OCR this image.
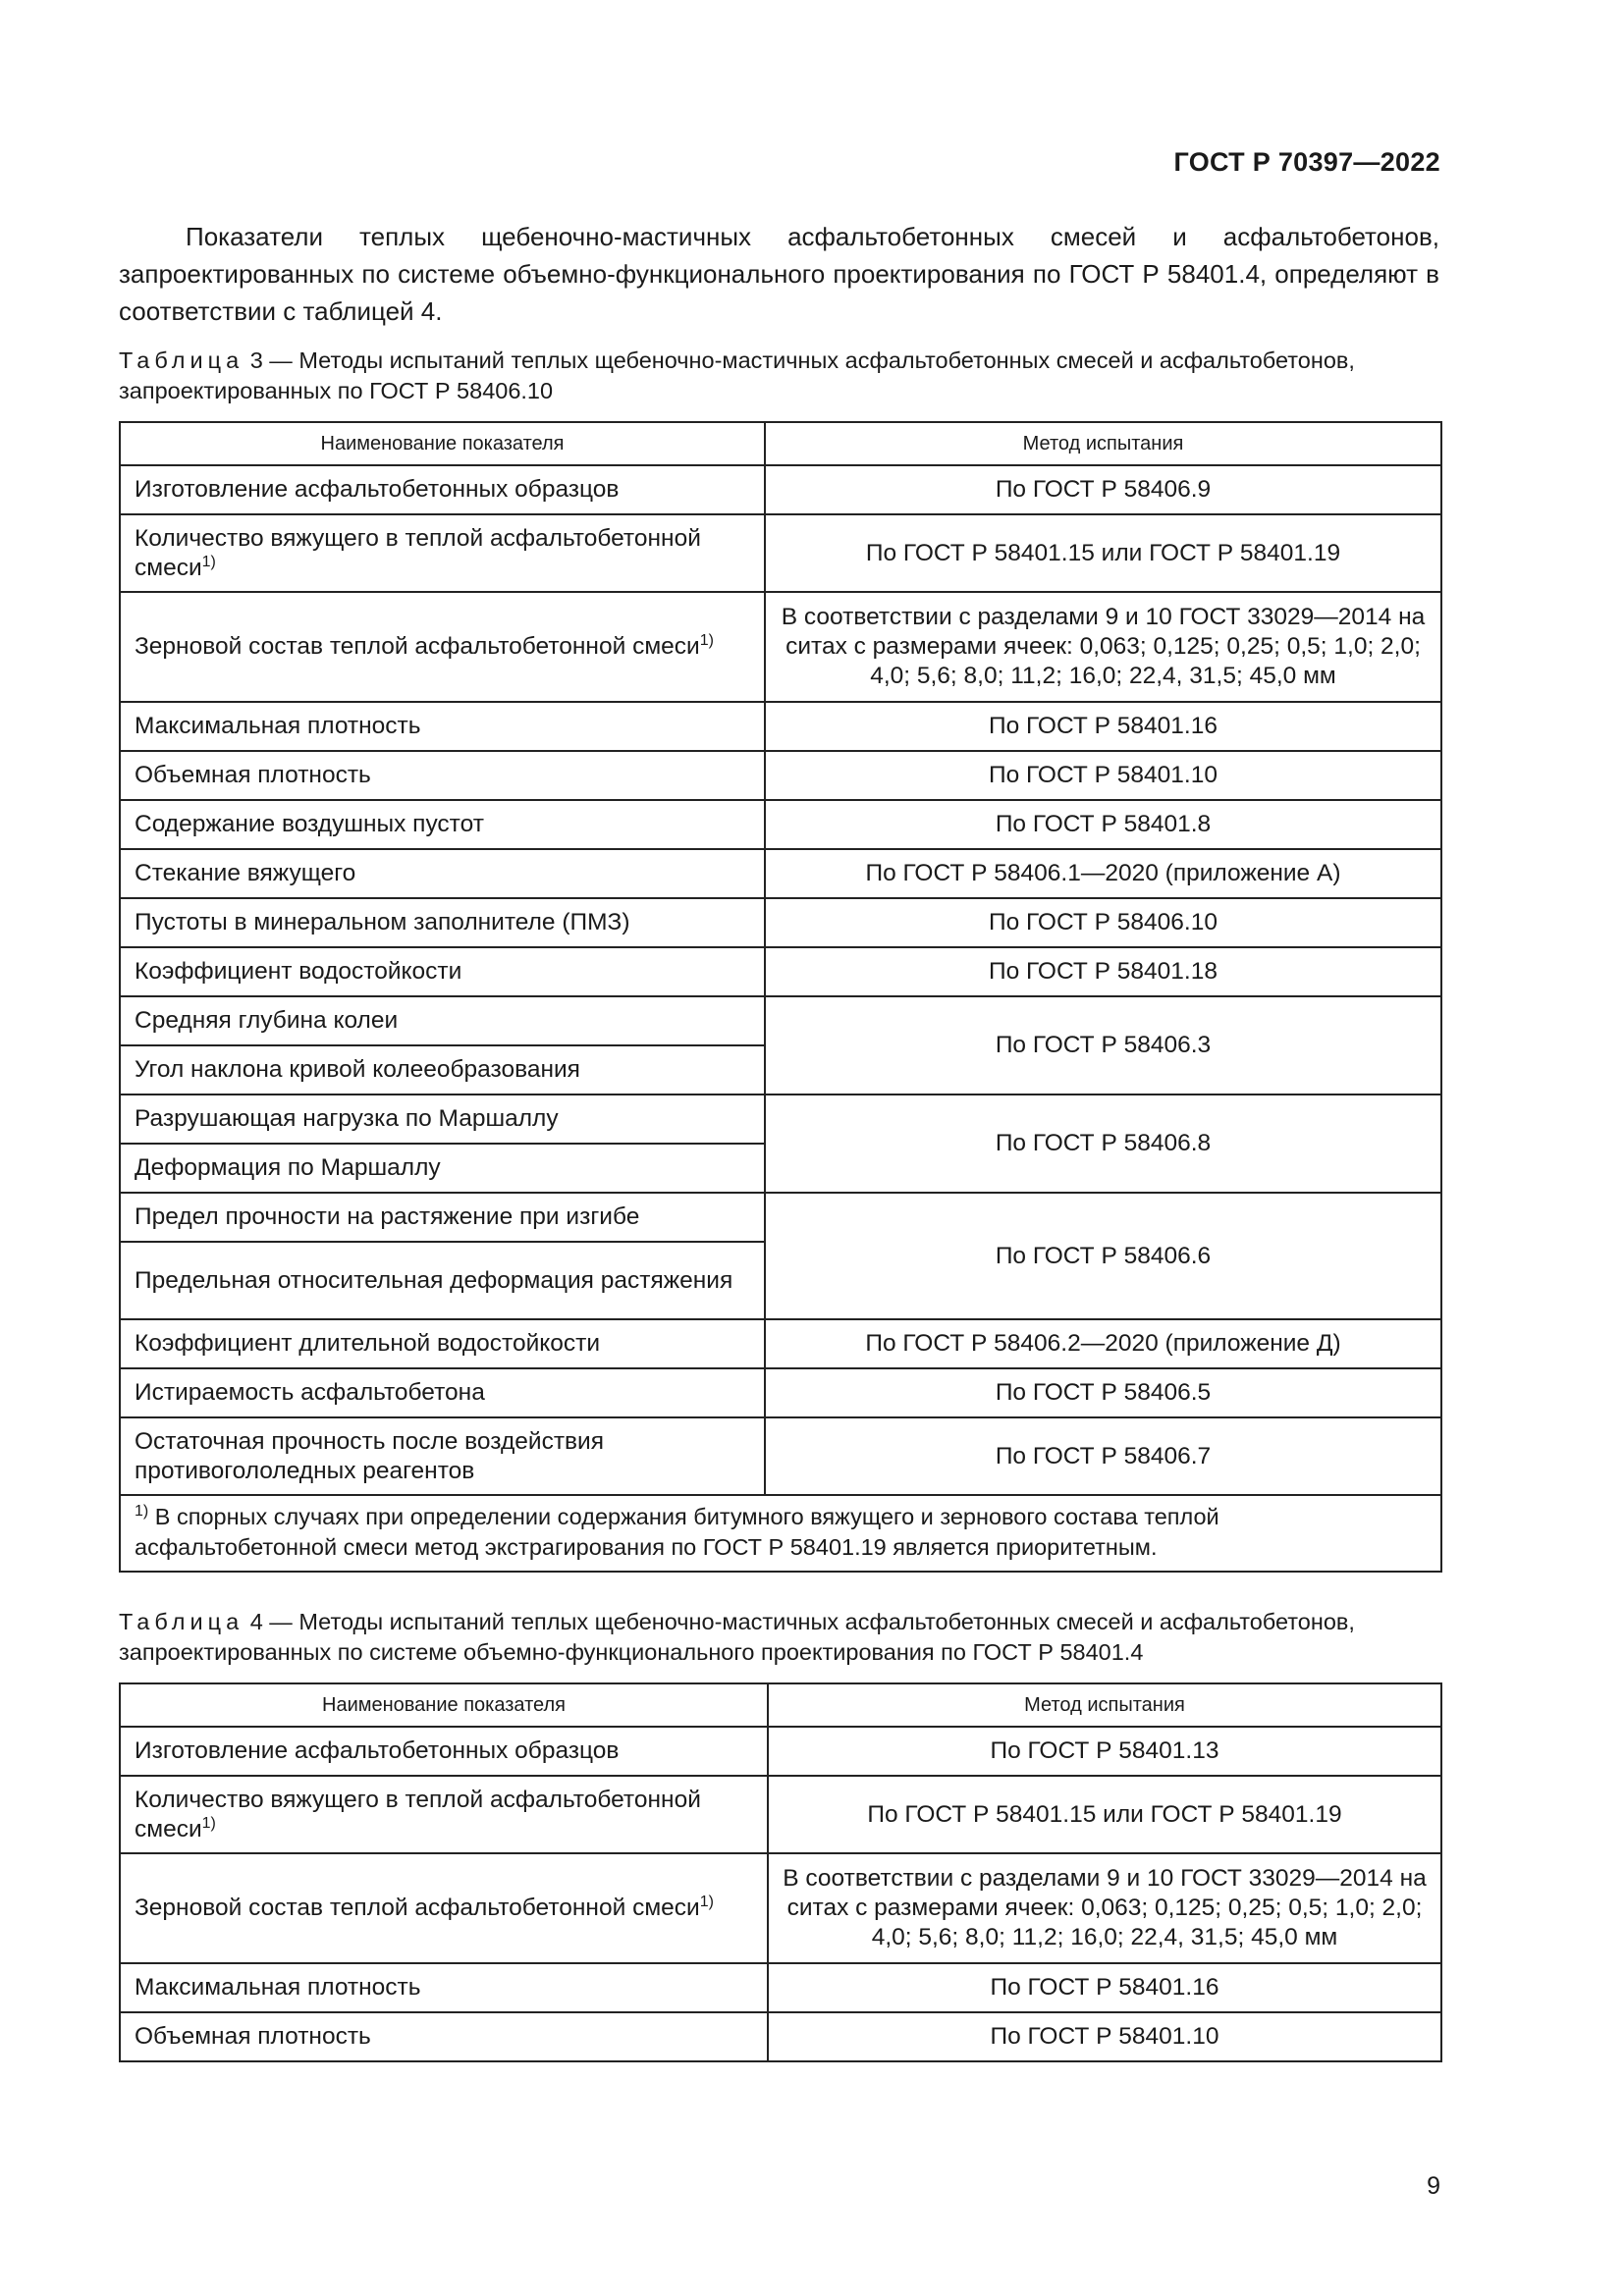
ГОСТ Р 70397—2022

Показатели теплых щебеночно-мастичных асфальтобетонных смесей и асфальтобетонов, запроектированных по системе объемно-функционального проектирования по ГОСТ Р 58401.4, определяют в соответствии с таблицей 4.

Таблица 3 — Методы испытаний теплых щебеночно-мастичных асфальтобетонных смесей и асфальтобетонов, запроектированных по ГОСТ Р 58406.10

Наименование показателя	Метод испытания
Изготовление асфальтобетонных образцов	По ГОСТ Р 58406.9
Количество вяжущего в теплой асфальтобетонной смеси$^{1)}$	По ГОСТ Р 58401.15 или ГОСТ Р 58401.19
Зерновой состав теплой асфальтобетонной смеси$^{1)}$	В соответствии с разделами 9 и 10 ГОСТ 33029—2014 на ситах с размерами ячеек: 0,063; 0,125; 0,25; 0,5; 1,0; 2,0; 4,0; 5,6; 8,0; 11,2; 16,0; 22,4, 31,5; 45,0 мм
Максимальная плотность	По ГОСТ Р 58401.16
Объемная плотность	По ГОСТ Р 58401.10
Содержание воздушных пустот	По ГОСТ Р 58401.8
Стекание вяжущего	По ГОСТ Р 58406.1—2020 (приложение А)
Пустоты в минеральном заполнителе (ПМЗ)	По ГОСТ Р 58406.10
Коэффициент водостойкости	По ГОСТ Р 58401.18
Средняя глубина колеи	По ГОСТ Р 58406.3
Угол наклона кривой колееобразования	
Разрушающая нагрузка по Маршаллу	По ГОСТ Р 58406.8
Деформация по Маршаллу	
Предел прочности на растяжение при изгибе	По ГОСТ Р 58406.6
Предельная относительная деформация растяжения	
Коэффициент длительной водостойкости	По ГОСТ Р 58406.2—2020 (приложение Д)
Истираемость асфальтобетона	По ГОСТ Р 58406.5
Остаточная прочность после воздействия противогололедных реагентов	По ГОСТ Р 58406.7
$^{1)}$ В спорных случаях при определении содержания битумного вяжущего и зернового состава теплой асфальтобетонной смеси метод экстрагирования по ГОСТ Р 58401.19 является приоритетным.	

Таблица 4 — Методы испытаний теплых щебеночно-мастичных асфальтобетонных смесей и асфальтобетонов, запроектированных по системе объемно-функционального проектирования по ГОСТ Р 58401.4

Наименование показателя	Метод испытания
Изготовление асфальтобетонных образцов	По ГОСТ Р 58401.13
Количество вяжущего в теплой асфальтобетонной смеси$^{1)}$	По ГОСТ Р 58401.15 или ГОСТ Р 58401.19
Зерновой состав теплой асфальтобетонной смеси$^{1)}$	В соответствии с разделами 9 и 10 ГОСТ 33029—2014 на ситах с размерами ячеек: 0,063; 0,125; 0,25; 0,5; 1,0; 2,0; 4,0; 5,6; 8,0; 11,2; 16,0; 22,4, 31,5; 45,0 мм
Максимальная плотность	По ГОСТ Р 58401.16
Объемная плотность	По ГОСТ Р 58401.10
9
